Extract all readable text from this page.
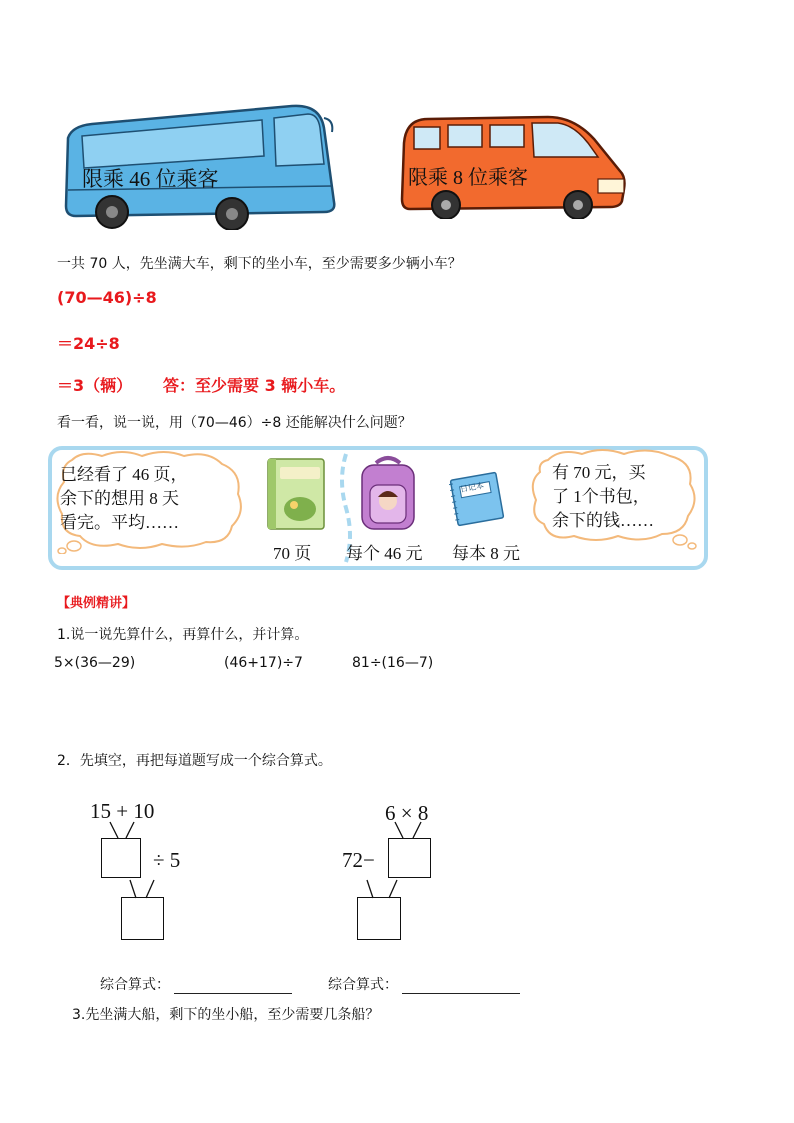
限乘 46 位乘客	限乘 8 位乘客
一共 70 人，先坐满大车，剩下的坐小车，至少需要多少辆小车？
(70—46)÷8
＝24÷8
＝3（辆） 答：至少需要 3 辆小车。
看一看，说一说，用（70—46）÷8 还能解决什么问题？
已经看了 46 页，
余下的想用 8 天
看完。平均……
70 页 每个 46 元
日记本
每本 8 元
有 70 元，买
了 1个书包，
余下的钱……
【典例精讲】
1.说一说先算什么，再算什么，并计算。
5×(36—29)	(46+17)÷7	81÷(16—7)
2．先填空，再把每道题写成一个综合算式。
15 + 10
÷ 5
6 × 8
72−
综合算式：	综合算式：
3.先坐满大船，剩下的坐小船，至少需要几条船？
